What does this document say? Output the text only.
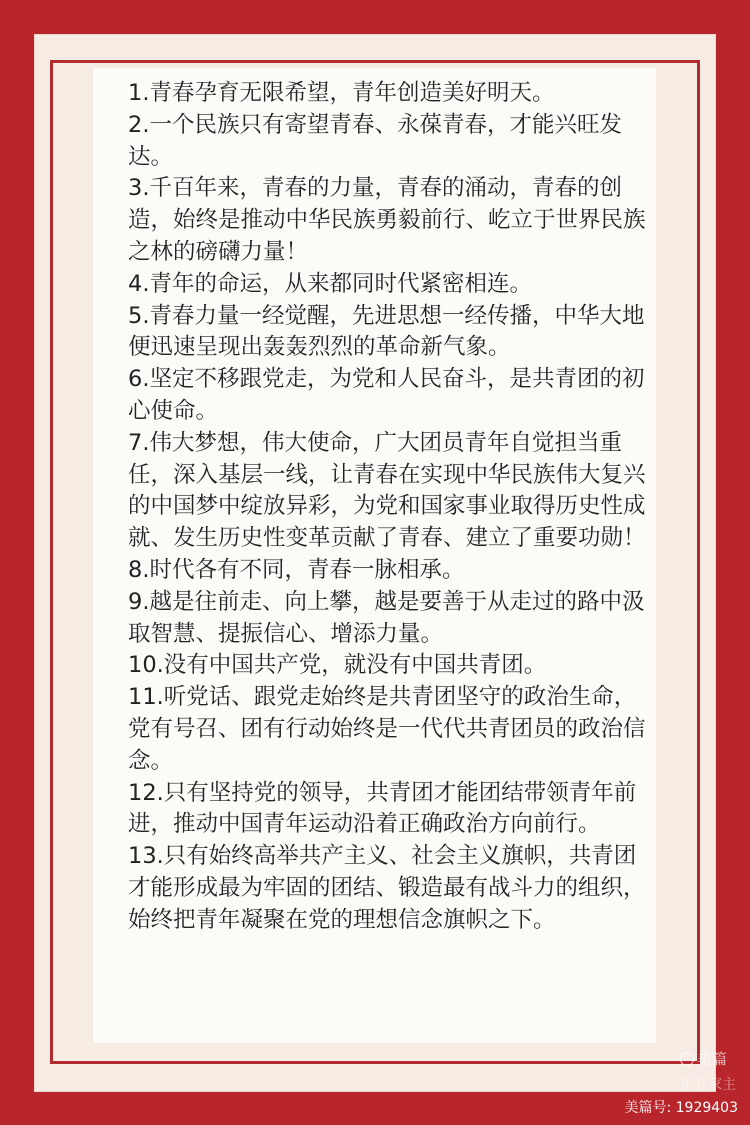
1.青春孕育无限希望，青年创造美好明天。

2.一个民族只有寄望青春、永葆青春，才能兴旺发达。

3.千百年来，青春的力量，青春的涌动，青春的创造，始终是推动中华民族勇毅前行、屹立于世界民族之林的磅礴力量！

4.青年的命运，从来都同时代紧密相连。

5.青春力量一经觉醒，先进思想一经传播，中华大地便迅速呈现出轰轰烈烈的革命新气象。

6.坚定不移跟党走，为党和人民奋斗，是共青团的初心使命。

7.伟大梦想，伟大使命，广大团员青年自觉担当重任，深入基层一线，让青春在实现中华民族伟大复兴的中国梦中绽放异彩，为党和国家事业取得历史性成就、发生历史性变革贡献了青春、建立了重要功勋！

8.时代各有不同，青春一脉相承。

9.越是往前走、向上攀，越是要善于从走过的路中汲取智慧、提振信心、增添力量。

10.没有中国共产党，就没有中国共青团。

11.听党话、跟党走始终是共青团坚守的政治生命，党有号召、团有行动始终是一代代共青团员的政治信念。

12.只有坚持党的领导，共青团才能团结带领青年前进，推动中国青年运动沿着正确政治方向前行。

13.只有始终高举共产主义、社会主义旗帜，共青团才能形成最为牢固的团结、锻造最有战斗力的组织，始终把青年凝聚在党的理想信念旗帜之下。

美篇
东方家主
美篇号: 1929403
